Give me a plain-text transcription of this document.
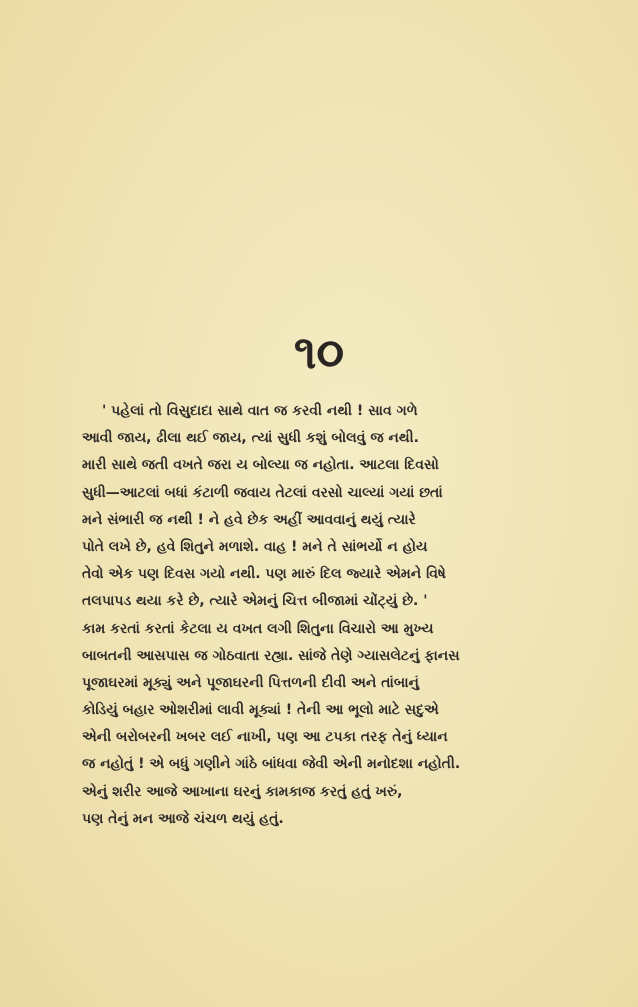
૧૦
' પહેલાં તો વિસુદાદા સાથે વાત જ કરવી નથી ! સાવ ગળે
આવી જાય, ઢીલા થઈ જાય, ત્યાં સુધી કશું બોલવું જ નથી.
મારી સાથે જતી વખતે જરા ય બોલ્યા જ નહોતા. આટલા દિવસો
સુધી—આટલાં બધાં કંટાળી જવાય તેટલાં વરસો ચાલ્યાં ગયાં છતાં
મને સંભારી જ નથી ! ને હવે છેક અહીં આવવાનું થયું ત્યારે
પોતે લખે છે, હવે શિતુને મળાશે. વાહ ! મને તે સાંભર્યો ન હોય
તેવો એક પણ દિવસ ગયો નથી. પણ મારું દિલ જ્યારે એમને વિષે
તલપાપડ થયા કરે છે, ત્યારે એમનું ચિત્ત બીજામાં ચોંટ્યું છે. '
કામ કરતાં કરતાં કેટલા ય વખત લગી શિતુના વિચારો આ મુખ્ય
બાબતની આસપાસ જ ગોઠવાતા રહ્યા. સાંજે તેણે ગ્યાસલેટનું ફાનસ
પૂજાઘરમાં મૂક્યું અને પૂજાઘરની પિત્તળની દીવી અને તાંબાનું
કોડિયું બહાર ઓશરીમાં લાવી મૂક્યાં ! તેની આ ભૂલો માટે સદુએ
એની બરોબરની ખબર લઈ નાખી, પણ આ ટપકા તરફ તેનું ધ્યાન
જ નહોતું ! એ બધું ગણીને ગાંઠે બાંધવા જેવી એની મનોદશા નહોતી.
એનું શરીર આજે આખાના ઘરનું કામકાજ કરતું હતું ખરું,
પણ તેનું મન આજે ચંચળ થયું હતું.
